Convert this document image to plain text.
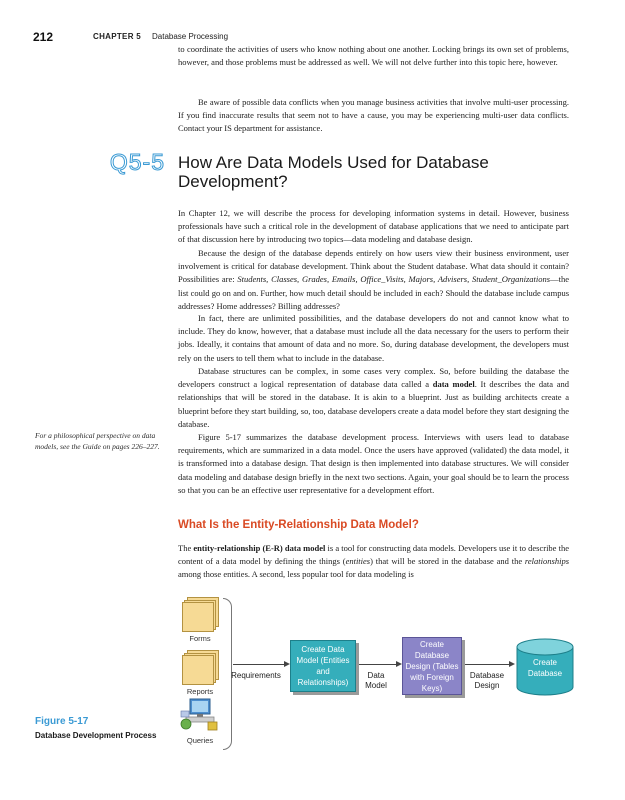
212	CHAPTER 5 Database Processing

to coordinate the activities of users who know nothing about one another. Locking brings its own set of problems, however, and those problems must be addressed as well. We will not delve further into this topic here, however.

Be aware of possible data conflicts when you manage business activities that involve multi-user processing. If you find inaccurate results that seem not to have a cause, you may be experiencing multi-user data conflicts. Contact your IS department for assistance.

Q5-5 How Are Data Models Used for Database Development?

In Chapter 12, we will describe the process for developing information systems in detail. However, business professionals have such a critical role in the development of database applications that we need to anticipate part of that discussion here by introducing two topics—data modeling and database design.

Because the design of the database depends entirely on how users view their business environment, user involvement is critical for database development. Think about the Student database. What data should it contain? Possibilities are: Students, Classes, Grades, Emails, Office_Visits, Majors, Advisers, Student_Organizations—the list could go on and on. Further, how much detail should be included in each? Should the database include campus addresses? Home addresses? Billing addresses?

In fact, there are unlimited possibilities, and the database developers do not and cannot know what to include. They do know, however, that a database must include all the data necessary for the users to perform their jobs. Ideally, it contains that amount of data and no more. So, during database development, the developers must rely on the users to tell them what to include in the database.

Database structures can be complex, in some cases very complex. So, before building the database the developers construct a logical representation of database data called a data model. It describes the data and relationships that will be stored in the database. It is akin to a blueprint. Just as building architects create a blueprint before they start building, so, too, database developers create a data model before they start designing the database.

Figure 5-17 summarizes the database development process. Interviews with users lead to database requirements, which are summarized in a data model. Once the users have approved (validated) the data model, it is transformed into a database design. That design is then implemented into database structures. We will consider data modeling and database design briefly in the next two sections. Again, your goal should be to learn the process so that you can be an effective user representative for a development effort.

For a philosophical perspective on data models, see the Guide on pages 226–227.
What Is the Entity-Relationship Data Model?

The entity-relationship (E-R) data model is a tool for constructing data models. Developers use it to describe the content of a data model by defining the things (entities) that will be stored in the database and the relationships among those entities. A second, less popular tool for data modeling is

Forms
Reports
Queries
Requirements
Create Data Model (Entities and Relationships)
Data Model
Create Database Design (Tables with Foreign Keys)
Database Design
Create Database
Figure 5-17
Database Development Process
